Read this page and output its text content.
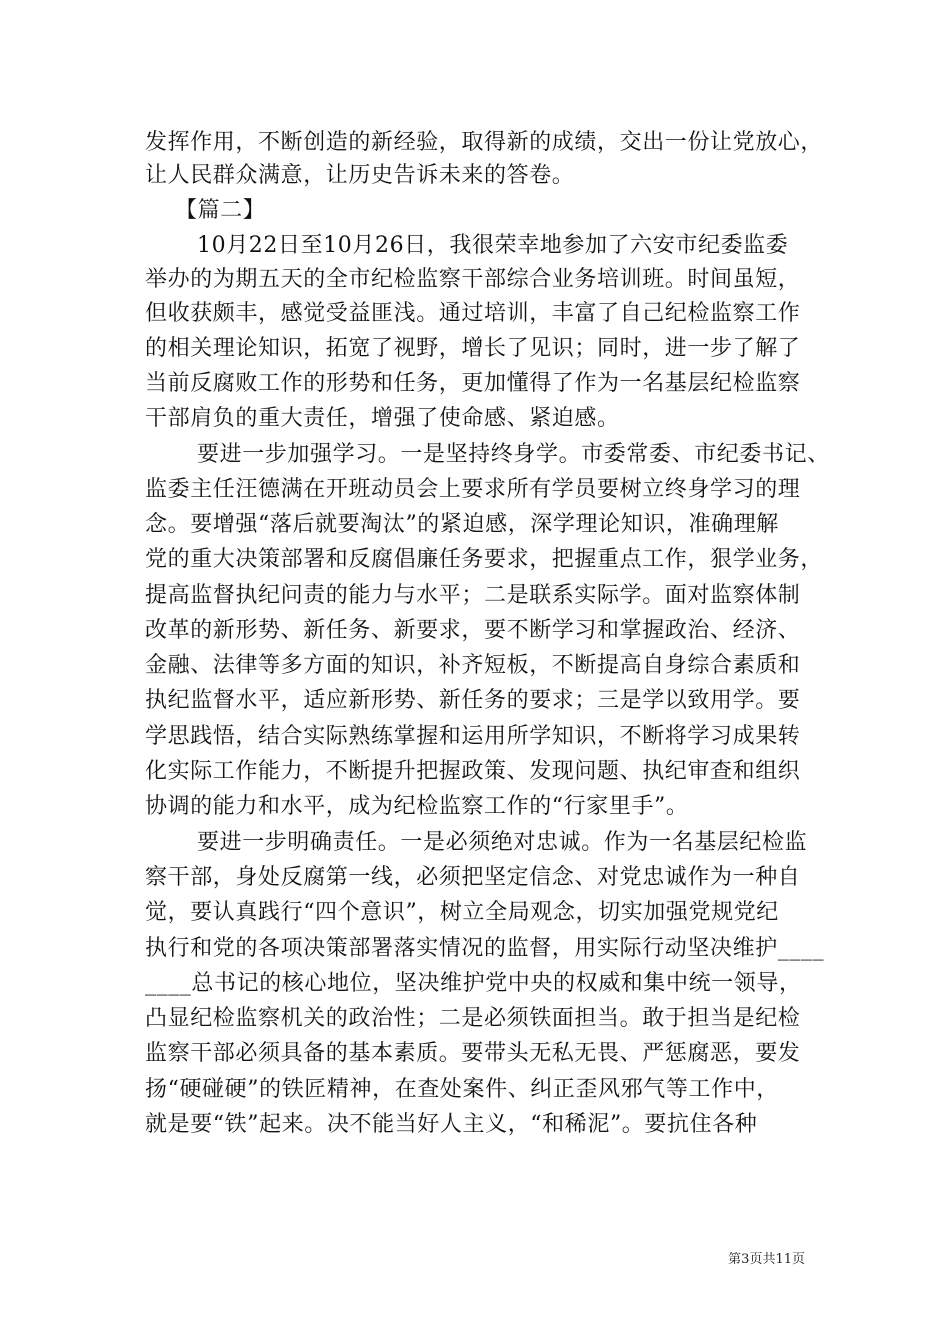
发挥作用，不断创造的新经验，取得新的成绩，交出一份让党放心，
让人民群众满意，让历史告诉未来的答卷。
【篇二】
10月22日至10月26日，我很荣幸地参加了六安市纪委监委
举办的为期五天的全市纪检监察干部综合业务培训班。时间虽短，
但收获颇丰，感觉受益匪浅。通过培训，丰富了自己纪检监察工作
的相关理论知识，拓宽了视野，增长了见识；同时，进一步了解了
当前反腐败工作的形势和任务，更加懂得了作为一名基层纪检监察
干部肩负的重大责任，增强了使命感、紧迫感。
要进一步加强学习。一是坚持终身学。市委常委、市纪委书记、
监委主任汪德满在开班动员会上要求所有学员要树立终身学习的理
念。要增强“落后就要淘汰”的紧迫感，深学理论知识，准确理解
党的重大决策部署和反腐倡廉任务要求，把握重点工作，狠学业务，
提高监督执纪问责的能力与水平；二是联系实际学。面对监察体制
改革的新形势、新任务、新要求，要不断学习和掌握政治、经济、
金融、法律等多方面的知识，补齐短板，不断提高自身综合素质和
执纪监督水平，适应新形势、新任务的要求；三是学以致用学。要
学思践悟，结合实际熟练掌握和运用所学知识，不断将学习成果转
化实际工作能力，不断提升把握政策、发现问题、执纪审查和组织
协调的能力和水平，成为纪检监察工作的“行家里手”。
要进一步明确责任。一是必须绝对忠诚。作为一名基层纪检监
察干部，身处反腐第一线，必须把坚定信念、对党忠诚作为一种自
觉，要认真践行“四个意识”，树立全局观念，切实加强党规党纪
执行和党的各项决策部署落实情况的监督，用实际行动坚决维护____
____总书记的核心地位，坚决维护党中央的权威和集中统一领导，
凸显纪检监察机关的政治性；二是必须铁面担当。敢于担当是纪检
监察干部必须具备的基本素质。要带头无私无畏、严惩腐恶，要发
扬“硬碰硬”的铁匠精神，在查处案件、纠正歪风邪气等工作中，
就是要“铁”起来。决不能当好人主义，“和稀泥”。要抗住各种
第3页共11页
